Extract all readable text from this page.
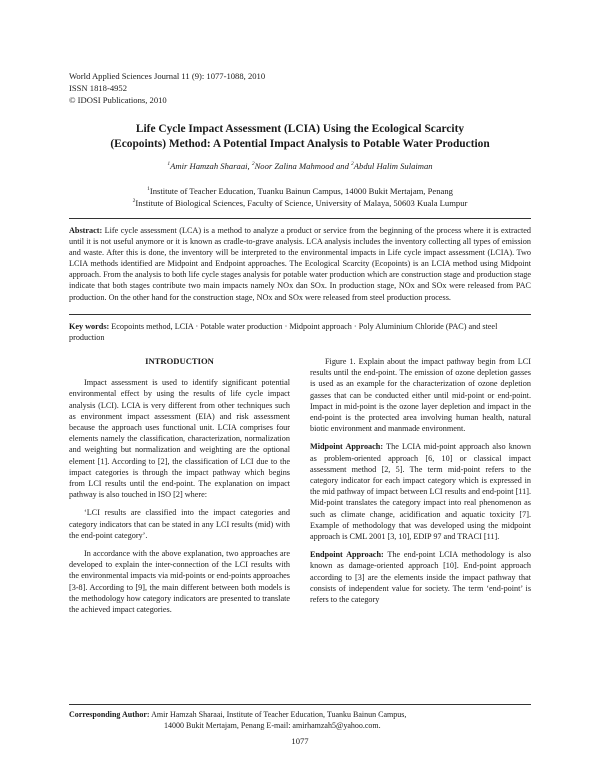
World Applied Sciences Journal 11 (9): 1077-1088, 2010
ISSN 1818-4952
© IDOSI Publications, 2010
Life Cycle Impact Assessment (LCIA) Using the Ecological Scarcity
(Ecopoints) Method: A Potential Impact Analysis to Potable Water Production
$^1$Amir Hamzah Sharaai, $^2$Noor Zalina Mahmood and $^2$Abdul Halim Sulaiman
$^1$Institute of Teacher Education, Tuanku Bainun Campus, 14000 Bukit Mertajam, Penang
$^2$Institute of Biological Sciences, Faculty of Science, University of Malaya, 50603 Kuala Lumpur
Abstract: Life cycle assessment (LCA) is a method to analyze a product or service from the beginning of the process where it is extracted until it is not useful anymore or it is known as cradle-to-grave analysis. LCA analysis includes the inventory collecting all types of emission and waste. After this is done, the inventory will be interpreted to the environmental impacts in Life cycle impact assessment (LCIA). Two LCIA methods identified are Midpoint and Endpoint approaches. The Ecological Scarcity (Ecopoints) is an LCIA method using Midpoint approach. From the analysis to both life cycle stages analysis for potable water production which are construction stage and production stage indicate that both stages contribute two main impacts namely NOx dan SOx. In production stage, NOx and SOx were released from PAC production. On the other hand for the construction stage, NOx and SOx were released from steel production process.
Key words: Ecopoints method, LCIA · Potable water production · Midpoint approach · Poly Aluminium Chloride (PAC) and steel production
INTRODUCTION

Impact assessment is used to identify significant potential environmental effect by using the results of life cycle impact analysis (LCI). LCIA is very different from other techniques such as environment impact assessment (EIA) and risk assessment because the approach uses functional unit. LCIA comprises four elements namely the classification, characterization, normalization and weighting but normalization and weighting are the optional element [1]. According to [2], the classification of LCI due to the impact categories is through the impact pathway which begins from LCI results until the end-point. The explanation on impact pathway is also touched in ISO [2] where:

‘LCI results are classified into the impact categories and category indicators that can be stated in any LCI results (mid) with the end-point category’.

In accordance with the above explanation, two approaches are developed to explain the inter-connection of the LCI results with the environmental impacts via mid-points or end-points approaches [3-8]. According to [9], the main different between both models is the methodology how category indicators are presented to translate the achieved impact categories.

Figure 1. Explain about the impact pathway begin from LCI results until the end-point. The emission of ozone depletion gasses is used as an example for the characterization of ozone depletion gasses that can be conducted either until mid-point or end-point. Impact in mid-point is the ozone layer depletion and impact in the end-point is the protected area involving human health, natural biotic environment and manmade environment.

Midpoint Approach: The LCIA mid-point approach also known as problem-oriented approach [6, 10] or classical impact assessment method [2, 5]. The term mid-point refers to the category indicator for each impact category which is expressed in the mid pathway of impact between LCI results and end-point [11]. Mid-point translates the category impact into real phenomenon as such as climate change, acidification and aquatic toxicity [7]. Example of methodology that was developed using the midpoint approach is CML 2001 [3, 10], EDIP 97 and TRACI [11].

Endpoint Approach: The end-point LCIA methodology is also known as damage-oriented approach [10]. End-point approach according to [3] are the elements inside the impact pathway that consists of independent value for society. The term ‘end-point’ is refers to the category

Corresponding Author: Amir Hamzah Sharaai, Institute of Teacher Education, Tuanku Bainun Campus,
14000 Bukit Mertajam, Penang E-mail: amirhamzah5@yahoo.com.
1077
